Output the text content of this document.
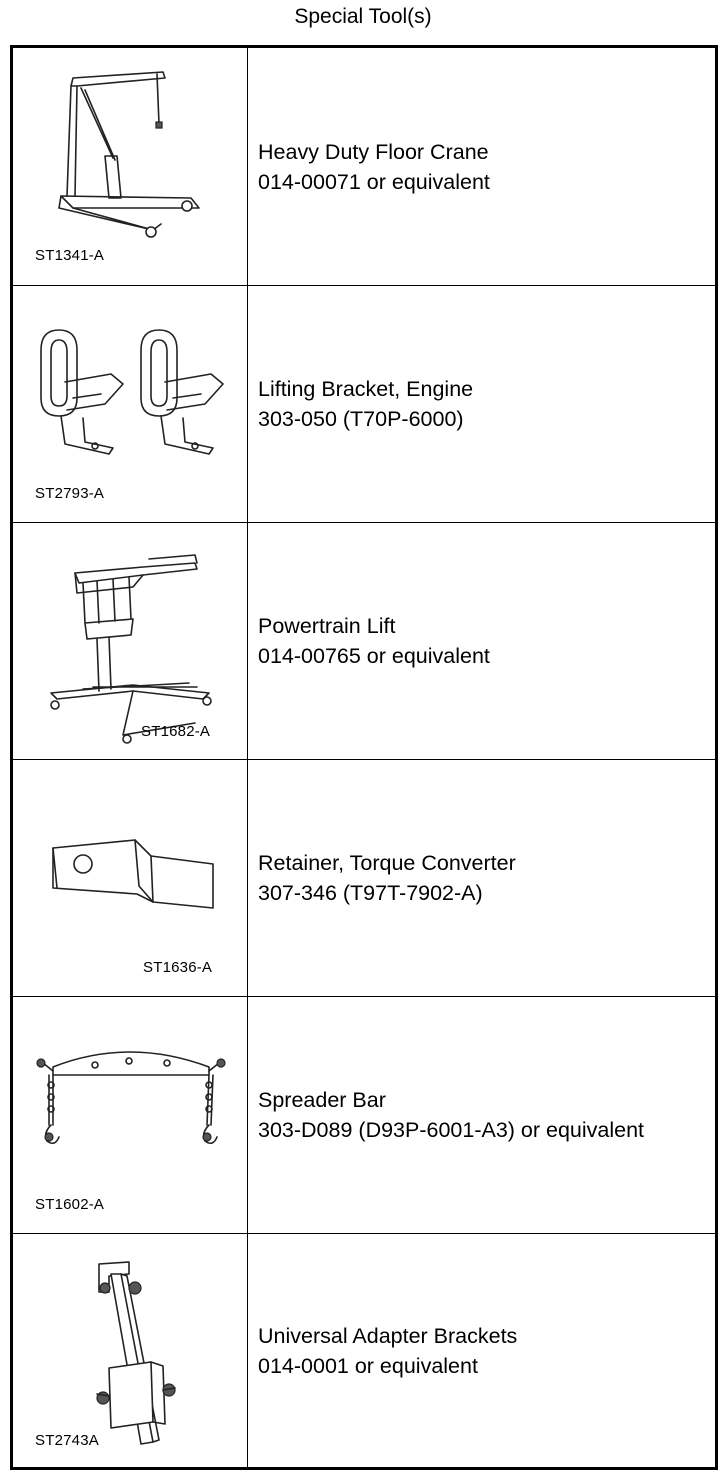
Special Tool(s)
ST1341-A
Heavy Duty Floor Crane
014-00071 or equivalent
ST2793-A
Lifting Bracket, Engine
303-050 (T70P-6000)
ST1682-A
Powertrain Lift
014-00765 or equivalent
ST1636-A
Retainer, Torque Converter
307-346 (T97T-7902-A)
ST1602-A
Spreader Bar
303-D089 (D93P-6001-A3) or equivalent
ST2743A
Universal Adapter Brackets
014-0001 or equivalent
